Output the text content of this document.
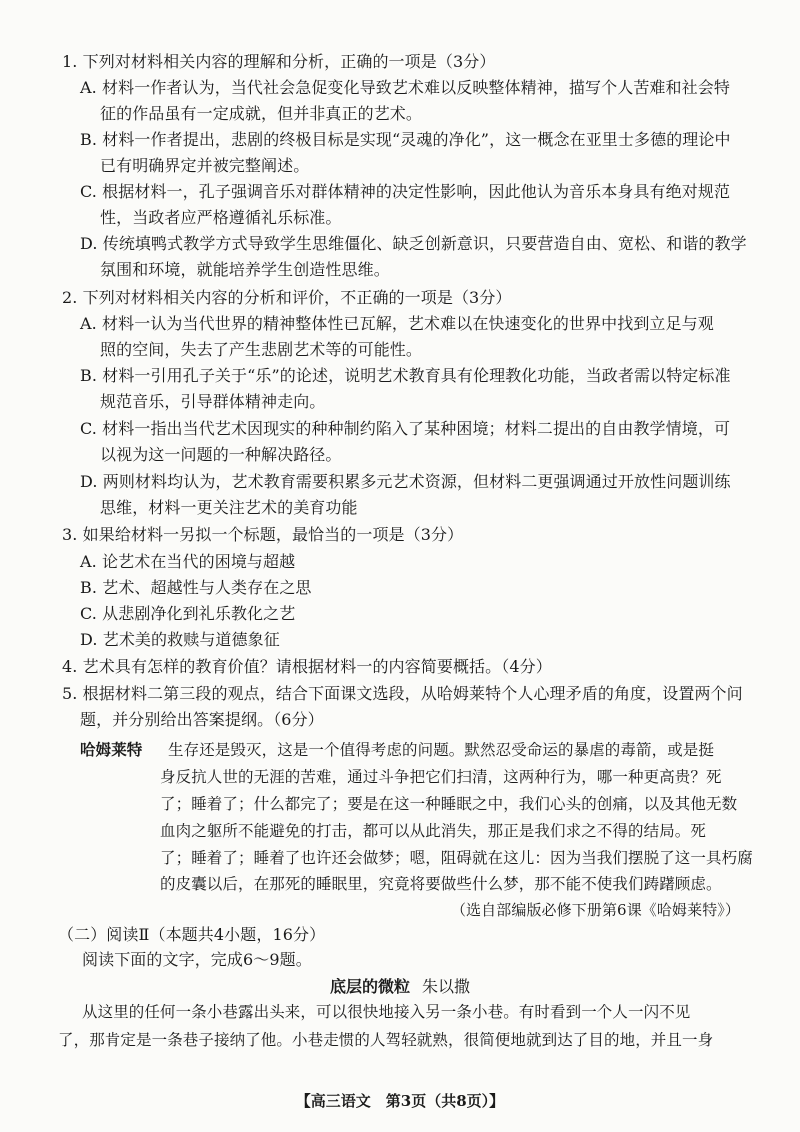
1. 下列对材料相关内容的理解和分析，正确的一项是（3分）
A. 材料一作者认为，当代社会急促变化导致艺术难以反映整体精神，描写个人苦难和社会特
征的作品虽有一定成就，但并非真正的艺术。
B. 材料一作者提出，悲剧的终极目标是实现“灵魂的净化”，这一概念在亚里士多德的理论中
已有明确界定并被完整阐述。
C. 根据材料一，孔子强调音乐对群体精神的决定性影响，因此他认为音乐本身具有绝对规范
性，当政者应严格遵循礼乐标准。
D. 传统填鸭式教学方式导致学生思维僵化、缺乏创新意识，只要营造自由、宽松、和谐的教学
氛围和环境，就能培养学生创造性思维。
2. 下列对材料相关内容的分析和评价，不正确的一项是（3分）
A. 材料一认为当代世界的精神整体性已瓦解，艺术难以在快速变化的世界中找到立足与观
照的空间，失去了产生悲剧艺术等的可能性。
B. 材料一引用孔子关于“乐”的论述，说明艺术教育具有伦理教化功能，当政者需以特定标准
规范音乐，引导群体精神走向。
C. 材料一指出当代艺术因现实的种种制约陷入了某种困境；材料二提出的自由教学情境，可
以视为这一问题的一种解决路径。
D. 两则材料均认为，艺术教育需要积累多元艺术资源，但材料二更强调通过开放性问题训练
思维，材料一更关注艺术的美育功能
3. 如果给材料一另拟一个标题，最恰当的一项是（3分）
A. 论艺术在当代的困境与超越
B. 艺术、超越性与人类存在之思
C. 从悲剧净化到礼乐教化之艺
D. 艺术美的救赎与道德象征
4. 艺术具有怎样的教育价值？请根据材料一的内容简要概括。（4分）
5. 根据材料二第三段的观点，结合下面课文选段，从哈姆莱特个人心理矛盾的角度，设置两个问
题，并分别给出答案提纲。（6分）
哈姆莱特 生存还是毁灭，这是一个值得考虑的问题。默然忍受命运的暴虐的毒箭，或是挺
身反抗人世的无涯的苦难，通过斗争把它们扫清，这两种行为，哪一种更高贵？死
了；睡着了；什么都完了；要是在这一种睡眠之中，我们心头的创痛，以及其他无数
血肉之躯所不能避免的打击，都可以从此消失，那正是我们求之不得的结局。死
了；睡着了；睡着了也许还会做梦；嗯，阻碍就在这儿：因为当我们摆脱了这一具朽腐
的皮囊以后，在那死的睡眠里，究竟将要做些什么梦，那不能不使我们踌躇顾虑。
（选自部编版必修下册第6课《哈姆莱特》）
（二）阅读Ⅱ（本题共4小题，16分）
阅读下面的文字，完成6～9题。
底层的微粒 朱以撒
从这里的任何一条小巷露出头来，可以很快地接入另一条小巷。有时看到一个人一闪不见
了，那肯定是一条巷子接纳了他。小巷走惯的人驾轻就熟，很简便地就到达了目的地，并且一身
【高三语文　第3页（共8页）】
